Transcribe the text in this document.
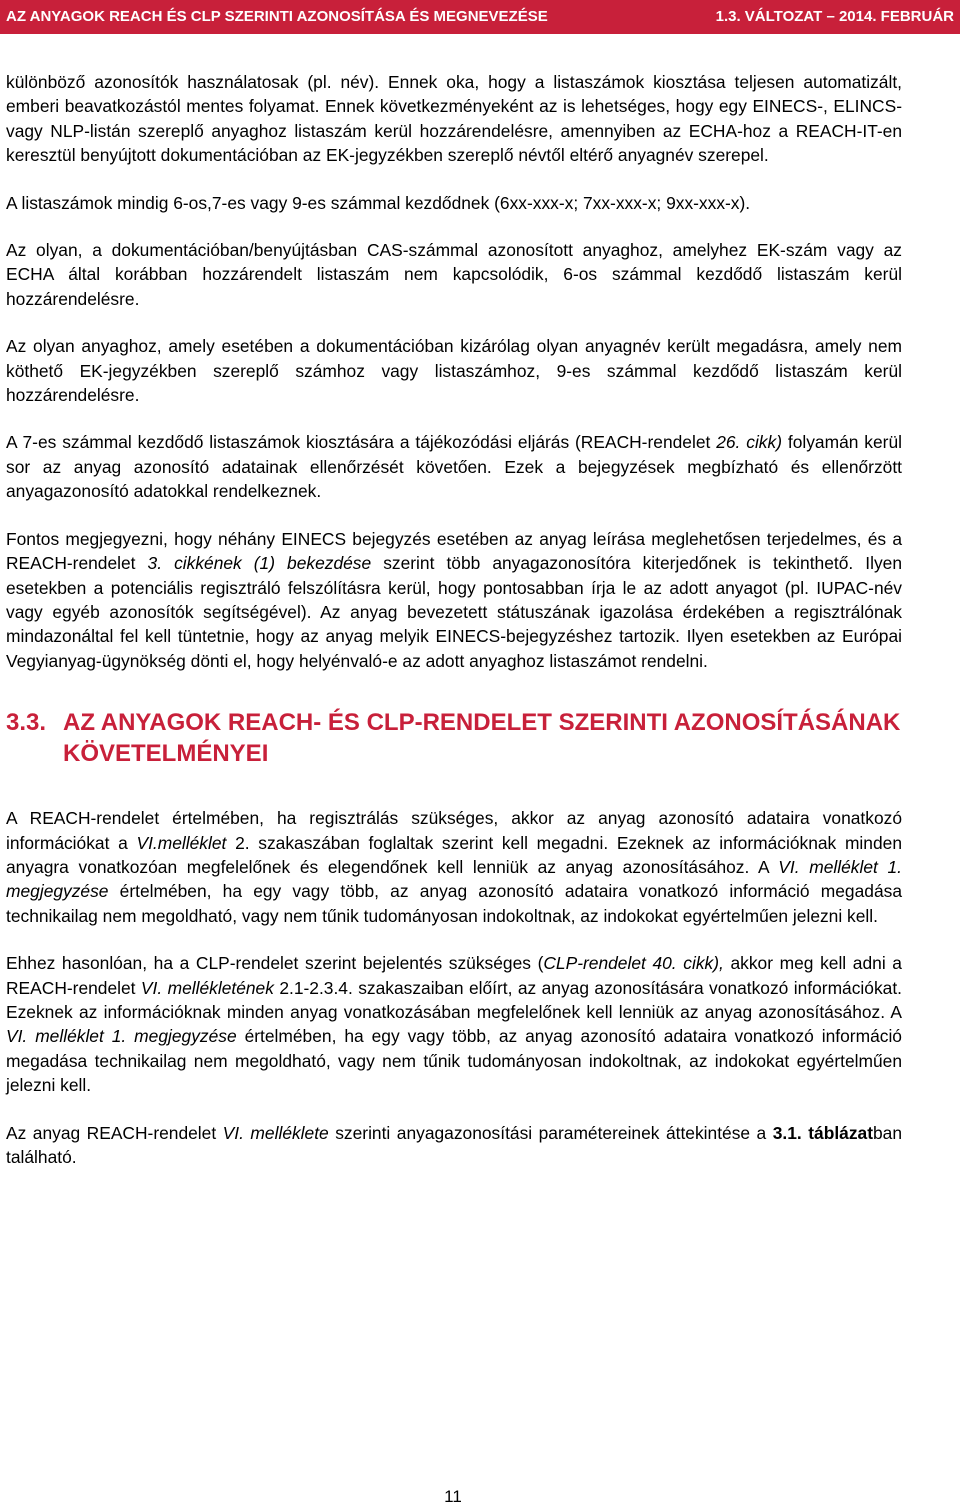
AZ ANYAGOK REACH ÉS CLP SZERINTI AZONOSÍTÁSA ÉS MEGNEVEZÉSE	1.3. VÁLTOZAT – 2014. FEBRUÁR

különböző azonosítók használatosak (pl. név). Ennek oka, hogy a listaszámok kiosztása teljesen automatizált, emberi beavatkozástól mentes folyamat. Ennek következményeként az is lehetséges, hogy egy EINECS-, ELINCS- vagy NLP-listán szereplő anyaghoz listaszám kerül hozzárendelésre, amennyiben az ECHA-hoz a REACH-IT-en keresztül benyújtott dokumentációban az EK-jegyzékben szereplő névtől eltérő anyagnév szerepel.

A listaszámok mindig 6-os,7-es vagy 9-es számmal kezdődnek (6xx-xxx-x; 7xx-xxx-x; 9xx-xxx-x).

Az olyan, a dokumentációban/benyújtásban CAS-számmal azonosított anyaghoz, amelyhez EK-szám vagy az ECHA által korábban hozzárendelt listaszám nem kapcsolódik, 6-os számmal kezdődő listaszám kerül hozzárendelésre.

Az olyan anyaghoz, amely esetében a dokumentációban kizárólag olyan anyagnév került megadásra, amely nem köthető EK-jegyzékben szereplő számhoz vagy listaszámhoz, 9-es számmal kezdődő listaszám kerül hozzárendelésre.

A 7-es számmal kezdődő listaszámok kiosztására a tájékozódási eljárás (REACH-rendelet 26. cikk) folyamán kerül sor az anyag azonosító adatainak ellenőrzését követően. Ezek a bejegyzések megbízható és ellenőrzött anyagazonosító adatokkal rendelkeznek.

Fontos megjegyezni, hogy néhány EINECS bejegyzés esetében az anyag leírása meglehetősen terjedelmes, és a REACH-rendelet 3. cikkének (1) bekezdése szerint több anyagazonosítóra kiterjedőnek is tekinthető. Ilyen esetekben a potenciális regisztráló felszólításra kerül, hogy pontosabban írja le az adott anyagot (pl. IUPAC-név vagy egyéb azonosítók segítségével). Az anyag bevezetett státuszának igazolása érdekében a regisztrálónak mindazonáltal fel kell tüntetnie, hogy az anyag melyik EINECS-bejegyzéshez tartozik. Ilyen esetekben az Európai Vegyianyag-ügynökség dönti el, hogy helyénvaló-e az adott anyaghoz listaszámot rendelni.

3.3. AZ ANYAGOK REACH- ÉS CLP-RENDELET SZERINTI AZONOSÍTÁSÁNAK KÖVETELMÉNYEI

A REACH-rendelet értelmében, ha regisztrálás szükséges, akkor az anyag azonosító adataira vonatkozó információkat a VI.melléklet 2. szakaszában foglaltak szerint kell megadni. Ezeknek az információknak minden anyagra vonatkozóan megfelelőnek és elegendőnek kell lenniük az anyag azonosításához. A VI. melléklet 1. megjegyzése értelmében, ha egy vagy több, az anyag azonosító adataira vonatkozó információ megadása technikailag nem megoldható, vagy nem tűnik tudományosan indokoltnak, az indokokat egyértelműen jelezni kell.

Ehhez hasonlóan, ha a CLP-rendelet szerint bejelentés szükséges (CLP-rendelet 40. cikk), akkor meg kell adni a REACH-rendelet VI. mellékletének 2.1-2.3.4. szakaszaiban előírt, az anyag azonosítására vonatkozó információkat. Ezeknek az információknak minden anyag vonatkozásában megfelelőnek kell lenniük az anyag azonosításához. A VI. melléklet 1. megjegyzése értelmében, ha egy vagy több, az anyag azonosító adataira vonatkozó információ megadása technikailag nem megoldható, vagy nem tűnik tudományosan indokoltnak, az indokokat egyértelműen jelezni kell.

Az anyag REACH-rendelet VI. melléklete szerinti anyagazonosítási paramétereinek áttekintése a 3.1. táblázatban található.

11
